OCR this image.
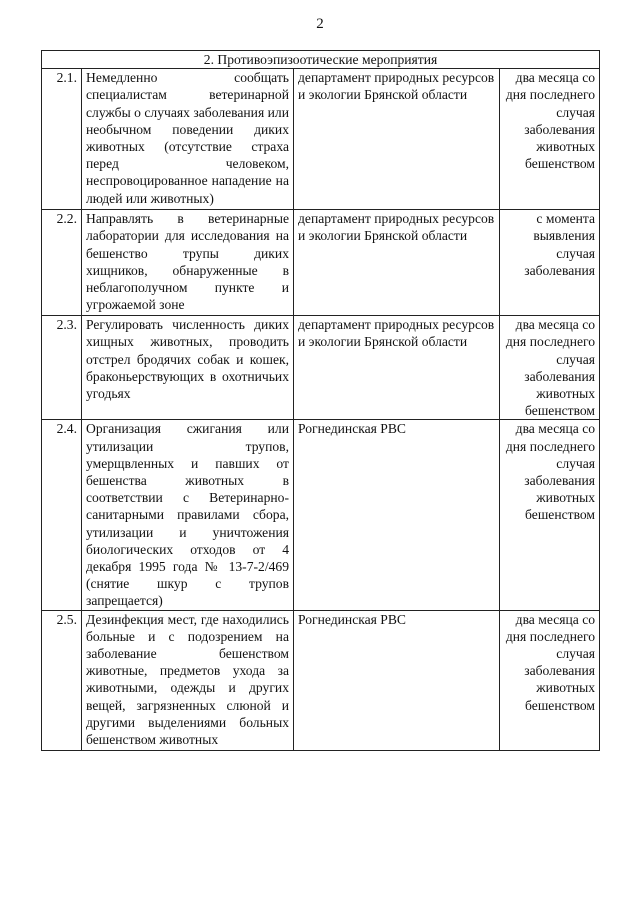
2
2. Противоэпизоотические мероприятия			
2.1.	Немедленно сообщать специалистам ветеринарной службы о случаях заболевания или необычном поведении диких животных (отсутствие страха перед человеком, неспровоцированное нападение на людей или животных)	департамент природных ресурсов и экологии Брянской области	два месяца со дня последнего случая заболевания животных бешенством
2.2.	Направлять в ветеринарные лаборатории для исследования на бешенство трупы диких хищников, обнаруженные в неблагополучном пункте и угрожаемой зоне	департамент природных ресурсов и экологии Брянской области	с момента выявления случая заболевания
2.3.	Регулировать численность диких хищных животных, проводить отстрел бродячих собак и кошек, браконьерствующих в охотничьих угодьях	департамент природных ресурсов и экологии Брянской области	два месяца со дня последнего случая заболевания животных бешенством
2.4.	Организация сжигания или утилизации трупов, умерщвленных и павших от бешенства животных в соответствии с Ветеринарно-санитарными правилами сбора, утилизации и уничтожения биологических отходов от 4 декабря 1995 года № 13-7-2/469 (снятие шкур с трупов запрещается)	Рогнединская РВС	два месяца со дня последнего случая заболевания животных бешенством
2.5.	Дезинфекция мест, где находились больные и с подозрением на заболевание бешенством животные, предметов ухода за животными, одежды и других вещей, загрязненных слюной и другими выделениями больных бешенством животных	Рогнединская РВС	два месяца со дня последнего случая заболевания животных бешенством
